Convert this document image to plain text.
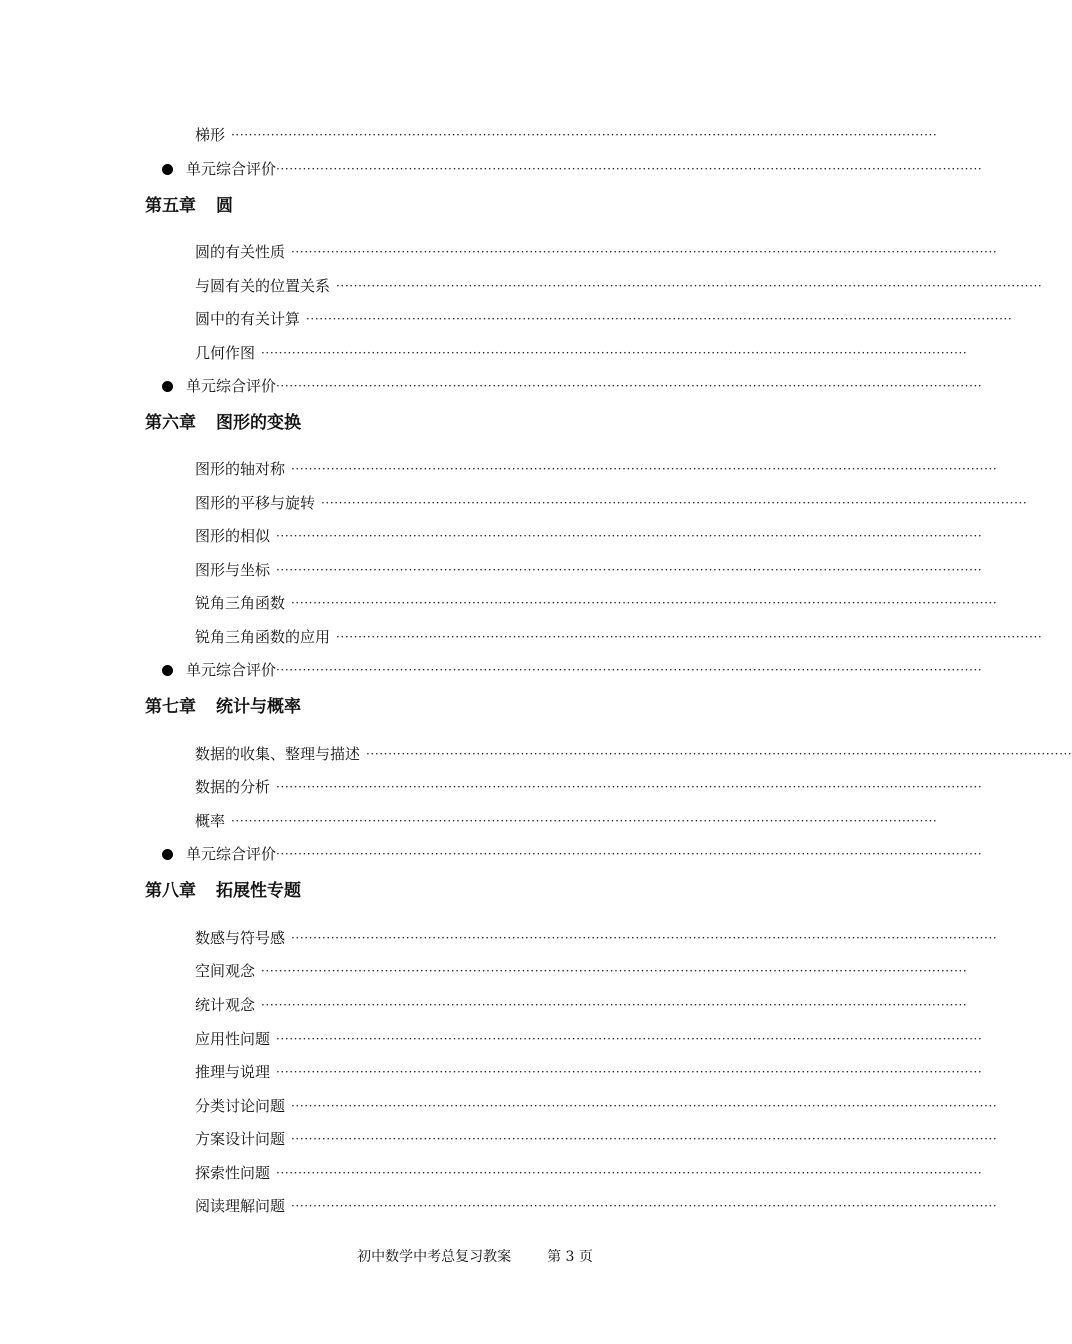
梯形 ································································································································································
单元综合评价 ································································································································································
第五章 圆
圆的有关性质 ································································································································································
与圆有关的位置关系 ································································································································································
圆中的有关计算 ································································································································································
几何作图 ································································································································································
单元综合评价 ································································································································································
第六章 图形的变换
图形的轴对称 ································································································································································
图形的平移与旋转 ································································································································································
图形的相似 ································································································································································
图形与坐标 ································································································································································
锐角三角函数 ································································································································································
锐角三角函数的应用 ································································································································································
单元综合评价 ································································································································································
第七章 统计与概率
数据的收集、整理与描述 ································································································································································
数据的分析 ································································································································································
概率 ································································································································································
单元综合评价 ································································································································································
第八章 拓展性专题
数感与符号感 ································································································································································
空间观念 ································································································································································
统计观念 ································································································································································
应用性问题 ································································································································································
推理与说理 ································································································································································
分类讨论问题 ································································································································································
方案设计问题 ································································································································································
探索性问题 ································································································································································
阅读理解问题 ································································································································································
初中数学中考总复习教案	第 3 页
